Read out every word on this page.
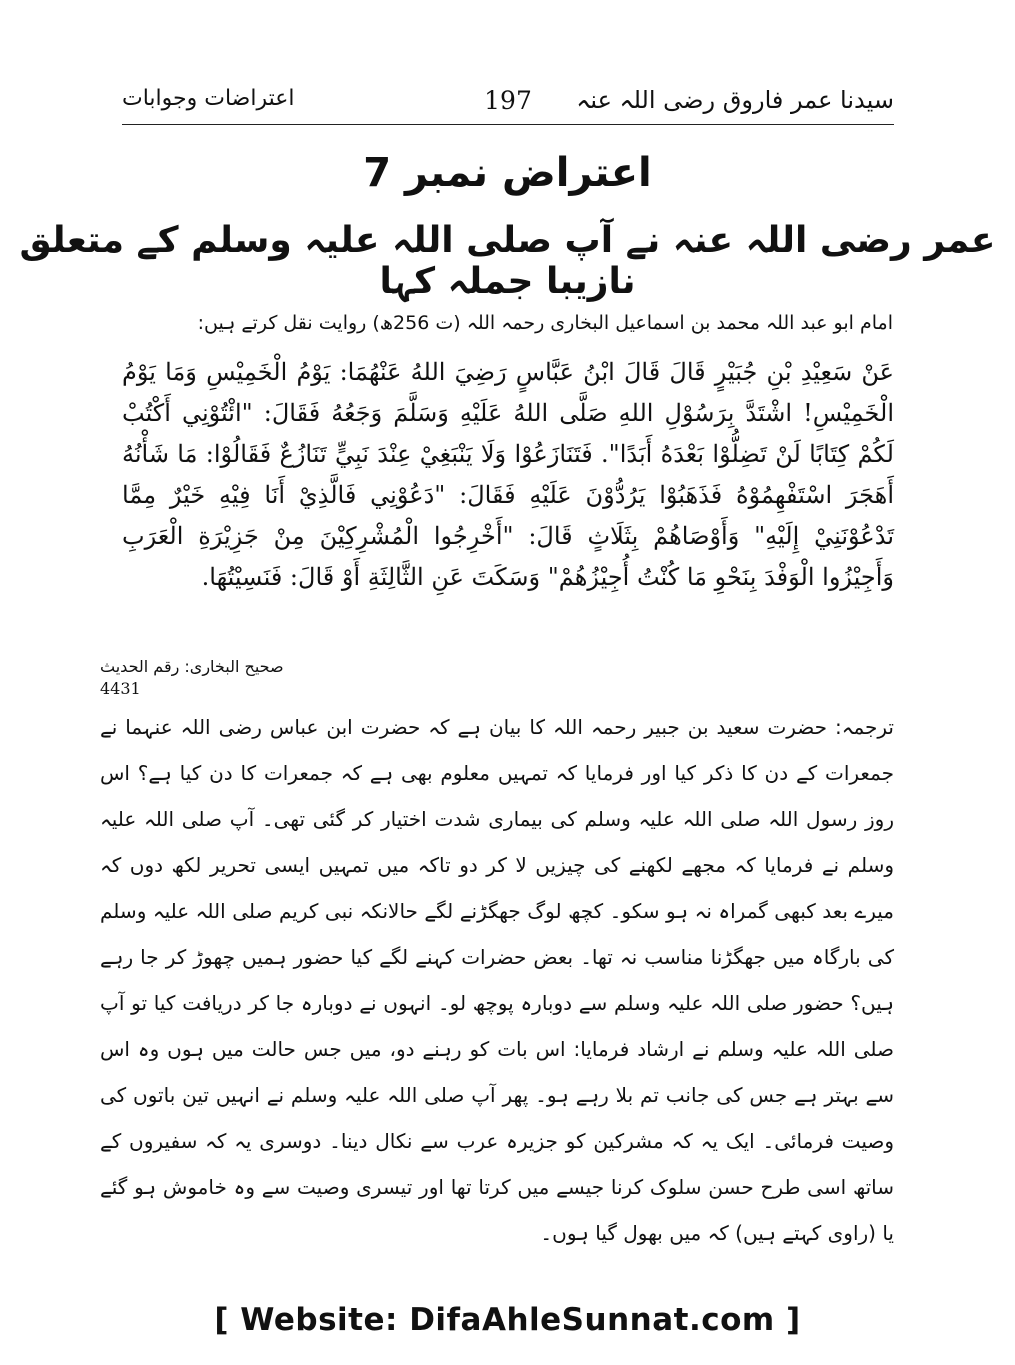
سیدنا عمر فاروق رضی اللہ عنہ
197
اعتراضات وجوابات
اعتراض نمبر 7
عمر رضی اللہ عنہ نے آپ صلی اللہ علیہ وسلم کے متعلق نازیبا جملہ کہا
امام ابو عبد اللہ محمد بن اسماعیل البخاری رحمہ اللہ (ت 256ھ) روایت نقل کرتے ہیں:
عَنْ سَعِيْدِ بْنِ جُبَيْرٍ قَالَ قَالَ ابْنُ عَبَّاسٍ رَضِيَ اللهُ عَنْهُمَا: يَوْمُ الْخَمِيْسِ وَمَا يَوْمُ الْخَمِيْسِ! اشْتَدَّ بِرَسُوْلِ اللهِ صَلَّى اللهُ عَلَيْهِ وَسَلَّمَ وَجَعُهُ فَقَالَ: "ائْتُوْنِي أَكْتُبْ لَكُمْ كِتَابًا لَنْ تَضِلُّوْا بَعْدَهُ أَبَدًا". فَتَنَازَعُوْا وَلَا يَنْبَغِيْ عِنْدَ نَبِيٍّ تَنَازُعٌ فَقَالُوْا: مَا شَأْنُهُ أَهَجَرَ اسْتَفْهِمُوْهُ فَذَهَبُوْا يَرُدُّوْنَ عَلَيْهِ فَقَالَ: "دَعُوْنِي فَالَّذِيْ أَنَا فِيْهِ خَيْرٌ مِمَّا تَدْعُوْنَنِيْ إِلَيْهِ" وَأَوْصَاهُمْ بِثَلَاثٍ قَالَ: "أَخْرِجُوا الْمُشْرِكِيْنَ مِنْ جَزِيْرَةِ الْعَرَبِ وَأَجِيْزُوا الْوَفْدَ بِنَحْوِ مَا كُنْتُ أُجِيْزُهُمْ" وَسَكَتَ عَنِ الثَّالِثَةِ أَوْ قَالَ: فَنَسِيْتُهَا.
صحیح البخاری: رقم الحدیث
4431
ترجمہ: حضرت سعید بن جبیر رحمہ اللہ کا بیان ہے کہ حضرت ابن عباس رضی اللہ عنہما نے جمعرات کے دن کا ذکر کیا اور فرمایا کہ تمہیں معلوم بھی ہے کہ جمعرات کا دن کیا ہے؟ اس روز رسول اللہ صلی اللہ علیہ وسلم کی بیماری شدت اختیار کر گئی تھی۔ آپ صلی اللہ علیہ وسلم نے فرمایا کہ مجھے لکھنے کی چیزیں لا کر دو تاکہ میں تمہیں ایسی تحریر لکھ دوں کہ میرے بعد کبھی گمراہ نہ ہو سکو۔ کچھ لوگ جھگڑنے لگے حالانکہ نبی کریم صلی اللہ علیہ وسلم کی بارگاہ میں جھگڑنا مناسب نہ تھا۔ بعض حضرات کہنے لگے کیا حضور ہمیں چھوڑ کر جا رہے ہیں؟ حضور صلی اللہ علیہ وسلم سے دوبارہ پوچھ لو۔ انہوں نے دوبارہ جا کر دریافت کیا تو آپ صلی اللہ علیہ وسلم نے ارشاد فرمایا: اس بات کو رہنے دو، میں جس حالت میں ہوں وہ اس سے بہتر ہے جس کی جانب تم بلا رہے ہو۔ پھر آپ صلی اللہ علیہ وسلم نے انہیں تین باتوں کی وصیت فرمائی۔ ایک یہ کہ مشرکین کو جزیرہ عرب سے نکال دینا۔ دوسری یہ کہ سفیروں کے ساتھ اسی طرح حسن سلوک کرنا جیسے میں کرتا تھا اور تیسری وصیت سے وہ خاموش ہو گئے یا (راوی کہتے ہیں) کہ میں بھول گیا ہوں۔
[ Website: DifaAhleSunnat.com ]
